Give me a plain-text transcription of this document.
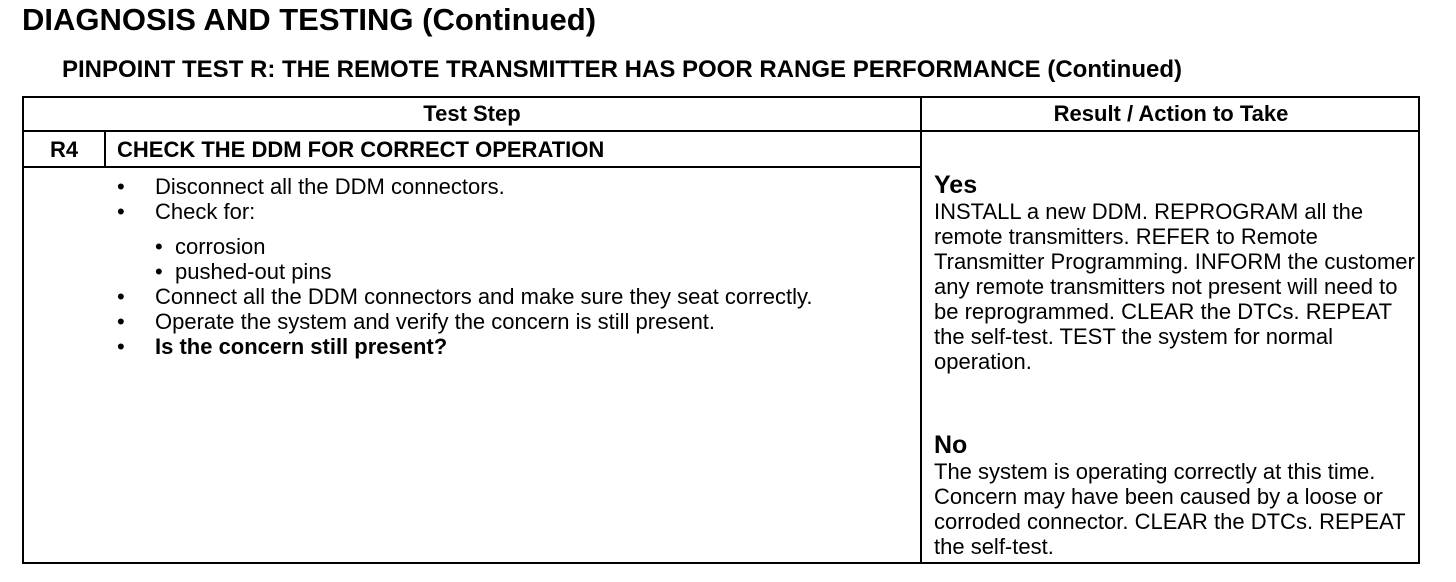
DIAGNOSIS AND TESTING (Continued)
PINPOINT TEST R: THE REMOTE TRANSMITTER HAS POOR RANGE PERFORMANCE (Continued)
Test Step	Result / Action to Take
R4	CHECK THE DDM FOR CORRECT OPERATION
•	Disconnect all the DDM connectors.
•	Check for:
• corrosion
• pushed-out pins
•	Connect all the DDM connectors and make sure they seat correctly.
•	Operate the system and verify the concern is still present.
•	Is the concern still present?
Yes
INSTALL a new DDM. REPROGRAM all the remote transmitters. REFER to Remote Transmitter Programming. INFORM the customer any remote transmitters not present will need to be reprogrammed. CLEAR the DTCs. REPEAT the self-test. TEST the system for normal operation.
No
The system is operating correctly at this time. Concern may have been caused by a loose or corroded connector. CLEAR the DTCs. REPEAT the self-test.
